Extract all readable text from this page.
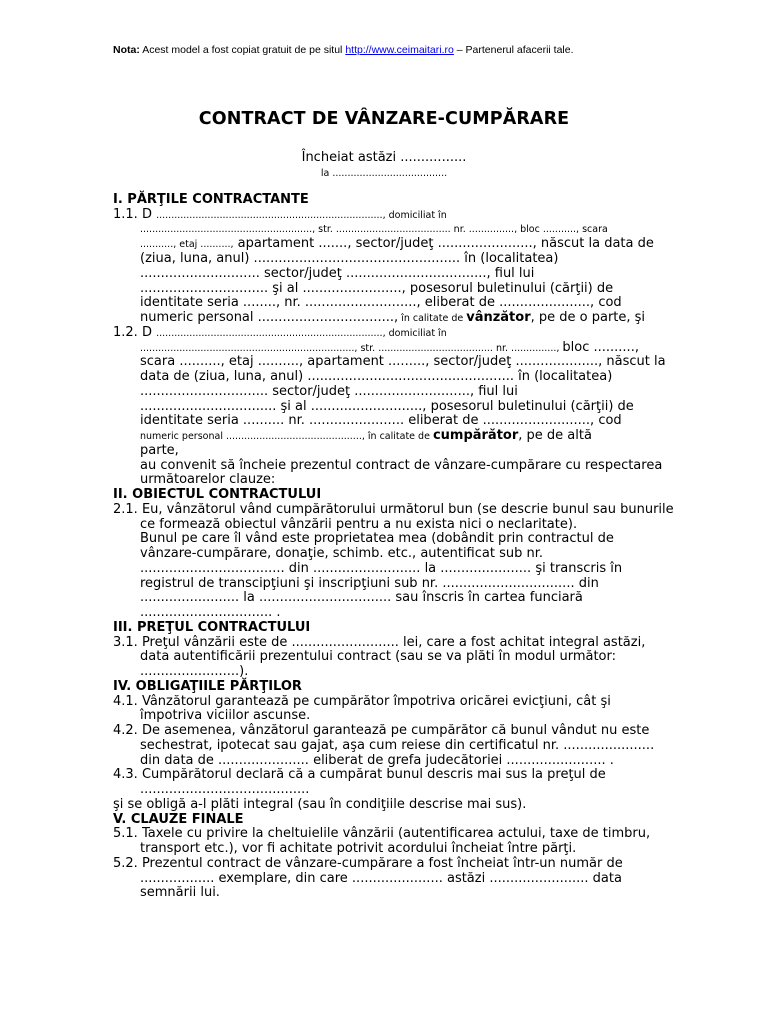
Nota: Acest model a fost copiat gratuit de pe situl http://www.ceimaitari.ro – Partenerul afacerii tale.
CONTRACT DE VÂNZARE-CUMPĂRARE
Încheiat astăzi ................
la ......................................
I. PĂRŢILE CONTRACTANTE
1.1. D ..........................................................................., domiciliat în
........................................................., str. ...................................... nr. ..............., bloc ..........., scara
..........., etaj .........., apartament ......., sector/judeţ ......................., născut la data de
(ziua, luna, anul) .................................................. în (localitatea)
............................. sector/judeţ .................................., fiul lui
............................... şi al ........................, posesorul buletinului (cărţii) de
identitate seria ........, nr. ..........................., eliberat de ......................, cod
numeric personal ................................., în calitate de vânzător, pe de o parte, şi
1.2. D ..........................................................................., domiciliat în
......................................................................., str. ...................................... nr. ..............., bloc ..........,
scara .........., etaj .........., apartament ........., sector/judeţ ...................., născut la
data de (ziua, luna, anul) .................................................. în (localitatea)
............................... sector/judeţ ............................, fiul lui
................................. şi al ..........................., posesorul buletinului (cărţii) de
identitate seria .......... nr. ....................... eliberat de .........................., cod
numeric personal ............................................., în calitate de cumpărător, pe de altă
parte,
au convenit să încheie prezentul contract de vânzare-cumpărare cu respectarea
următoarelor clauze:
II. OBIECTUL CONTRACTULUI
2.1. Eu, vânzătorul vând cumpărătorului următorul bun (se descrie bunul sau bunurile
ce formează obiectul vânzării pentru a nu exista nici o neclaritate).
Bunul pe care îl vând este proprietatea mea (dobândit prin contractul de
vânzare-cumpărare, donaţie, schimb. etc., autentificat sub nr.
................................... din .......................... la ...................... şi transcris în
registrul de transcipţiuni şi inscripţiuni sub nr. ................................ din
........................ la ................................ sau înscris în cartea funciară
................................ .
III. PREŢUL CONTRACTULUI
3.1. Preţul vânzării este de .......................... lei, care a fost achitat integral astăzi,
data autentificării prezentului contract (sau se va plăti în modul următor:
........................).
IV. OBLIGAŢIILE PĂRŢILOR
4.1. Vânzătorul garantează pe cumpărător împotriva oricărei evicţiuni, cât şi
împotriva viciilor ascunse.
4.2. De asemenea, vânzătorul garantează pe cumpărător că bunul vândut nu este
sechestrat, ipotecat sau gajat, aşa cum reiese din certificatul nr. ......................
din data de ...................... eliberat de grefa judecătoriei ........................ .
4.3. Cumpărătorul declară că a cumpărat bunul descris mai sus la preţul de
.........................................
şi se obligă a-l plăti integral (sau în condiţiile descrise mai sus).
V. CLAUZE FINALE
5.1. Taxele cu privire la cheltuielile vânzării (autentificarea actului, taxe de timbru,
transport etc.), vor fi achitate potrivit acordului încheiat între părţi.
5.2. Prezentul contract de vânzare-cumpărare a fost încheiat într-un număr de
.................. exemplare, din care ...................... astăzi ........................ data
semnării lui.
